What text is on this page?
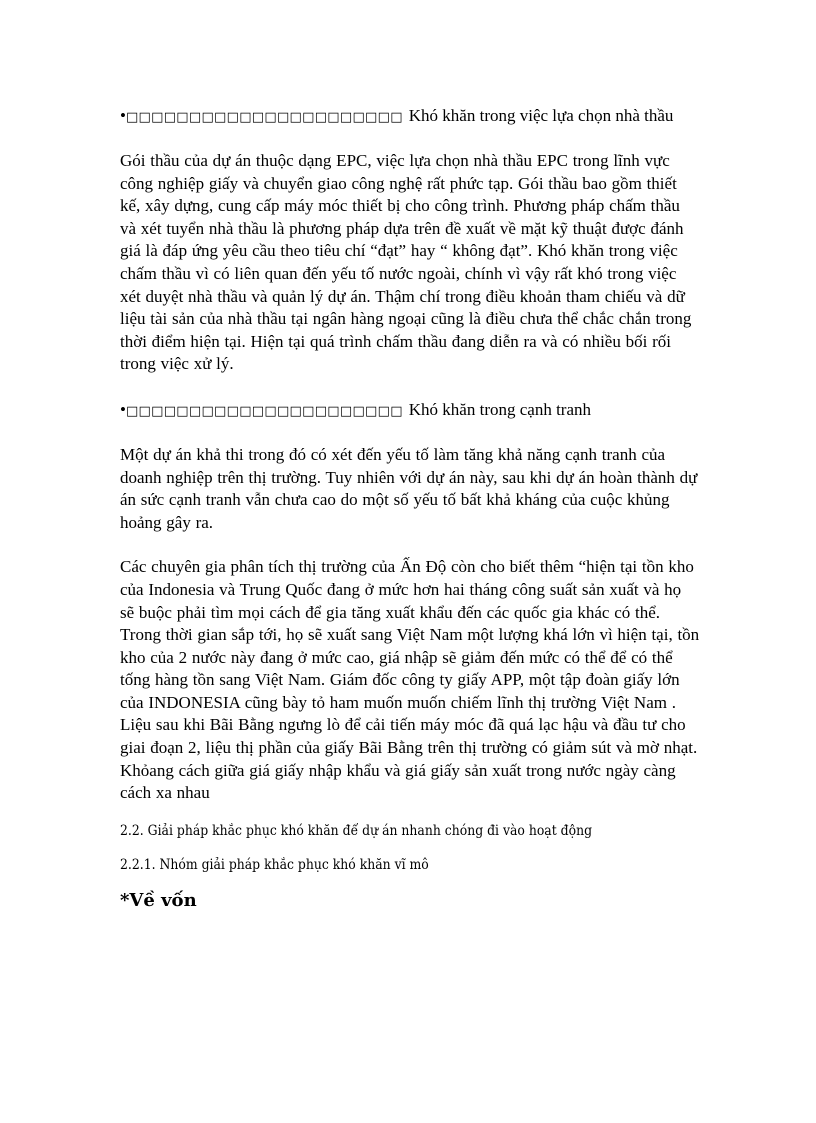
•□□□□□□□□□□□□□□□□□□□□□□ Khó khăn trong việc lựa chọn nhà thầu

Gói thầu của dự án thuộc dạng EPC, việc lựa chọn nhà thầu EPC trong lĩnh vực công nghiệp giấy và chuyển giao công nghệ rất phức tạp. Gói thầu bao gồm thiết kế, xây dựng, cung cấp máy móc thiết bị cho công trình. Phương pháp chấm thầu và xét tuyển nhà thầu là phương pháp dựa trên đề xuất về mặt kỹ thuật được đánh giá là đáp ứng yêu cầu theo tiêu chí “đạt” hay “ không đạt”. Khó khăn trong việc chấm thầu vì có liên quan đến yếu tố nước ngoài, chính vì vậy rất khó trong việc xét duyệt nhà thầu và quản lý dự án. Thậm chí trong điều khoản tham chiếu và dữ liệu tài sản của nhà thầu tại ngân hàng ngoại cũng là điều chưa thể chắc chắn trong thời điểm hiện tại. Hiện tại quá trình chấm thầu đang diễn ra và có nhiều bối rối trong việc xử lý.

•□□□□□□□□□□□□□□□□□□□□□□ Khó khăn trong cạnh tranh

Một dự án khả thi trong đó có xét đến yếu tố làm tăng khả năng cạnh tranh của doanh nghiệp trên thị trường. Tuy nhiên với dự án này, sau khi dự án hoàn thành dự án sức cạnh tranh vẫn chưa cao do một số yếu tố bất khả kháng của cuộc khủng hoảng gây ra.

Các chuyên gia phân tích thị trường của Ấn Độ còn cho biết thêm “hiện tại tồn kho của Indonesia và Trung Quốc đang ở mức hơn hai tháng công suất sản xuất và họ sẽ buộc phải tìm mọi cách để gia tăng xuất khẩu đến các quốc gia khác có thể. Trong thời gian sắp tới, họ sẽ xuất sang Việt Nam một lượng khá lớn vì hiện tại, tồn kho của 2 nước này đang ở mức cao, giá nhập sẽ giảm đến mức có thể để có thể tống hàng tồn sang Việt Nam. Giám đốc công ty giấy APP, một tập đoàn giấy lớn của INDONESIA cũng bày tỏ ham muốn muốn chiếm lĩnh thị trường Việt Nam . Liệu sau khi Bãi Bằng ngưng lò để cải tiến máy móc đã quá lạc hậu và đầu tư cho giai đoạn 2, liệu thị phần của giấy Bãi Bằng trên thị trường có giảm sút và mờ nhạt. Khỏang cách giữa giá giấy nhập khẩu và giá giấy sản xuất trong nước ngày càng cách xa nhau

2.2. Giải pháp khắc phục khó khăn để dự án nhanh chóng đi vào hoạt động

2.2.1. Nhóm giải pháp khắc phục khó khăn vĩ mô

*Về vốn
